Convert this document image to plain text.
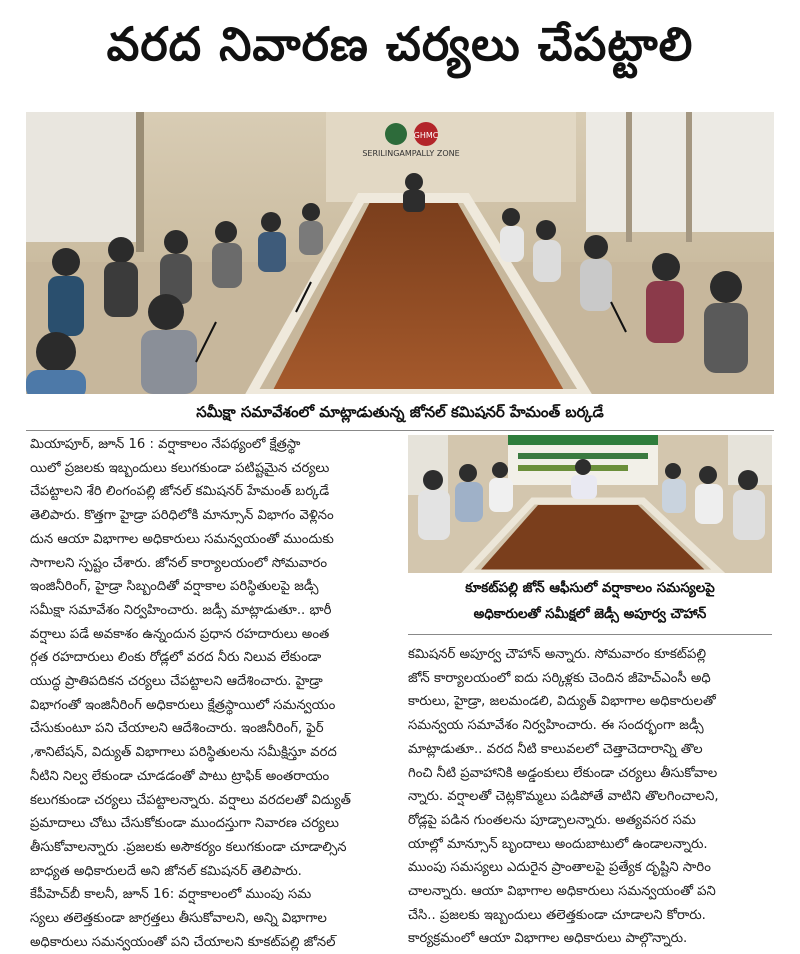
వరద నివారణ చర్యలు చేపట్టాలి
GHMC
SERILINGAMPALLY ZONE
సమీక్షా సమావేశంలో మాట్లాడుతున్న జోనల్ కమిషనర్ హేమంత్ బర్కడే
మియాపూర్, జూన్ 16 : వర్షాకాలం నేపథ్యంలో క్షేత్రస్థా
యిలో ప్రజలకు ఇబ్బందులు కలుగకుండా పటిష్టమైన చర్యలు
చేపట్టాలని శేరి లింగంపల్లి జోనల్ కమిషనర్ హేమంత్ బర్కడే
తెలిపారు. కొత్తగా హైడ్రా పరిధిలోకి మాన్సూన్ విభాగం వెళ్లినం
దున ఆయా విభాగాల అధికారులు సమన్వయంతో ముందుకు
సాగాలని స్పష్టం చేశారు. జోనల్ కార్యాలయంలో సోమవారం
ఇంజినీరింగ్, హైడ్రా సిబ్బందితో వర్షాకాల పరిస్థితులపై జడ్సీ
సమీక్షా సమావేశం నిర్వహించారు. జడ్సీ మాట్లాడుతూ.. భారీ
వర్షాలు పడే అవకాశం ఉన్నందున ప్రధాన రహదారులు అంత
ర్గత రహదారులు లింకు రోడ్లలో వరద నీరు నిలువ లేకుండా
యుద్ధ ప్రాతిపదికన చర్యలు చేపట్టాలని ఆదేశించారు. హైడ్రా
విభాగంతో ఇంజినీరింగ్ అధికారులు క్షేత్రస్థాయిలో సమన్వయం
చేసుకుంటూ పని చేయాలని ఆదేశించారు. ఇంజినీరింగ్, ఫైర్
,శానిటేషన్, విద్యుత్ విభాగాలు పరిస్థితులను సమీక్షిస్తూ వరద
నీటిని నిల్వ లేకుండా చూడడంతో పాటు ట్రాఫిక్ అంతరాయం
కలుగకుండా చర్యలు చేపట్టాలన్నారు. వర్షాలు వరదలతో విద్యుత్
ప్రమాదాలు చోటు చేసుకోకుండా ముందస్తుగా నివారణ చర్యలు
తీసుకోవాలన్నారు .ప్రజలకు అసౌకర్యం కలుగకుండా చూడాల్సిన
బాధ్యత అధికారులదే అని జోనల్ కమిషనర్ తెలిపారు.
కేపీహెచ్‌బీ కాలనీ, జూన్ 16: వర్షాకాలంలో ముంపు సమ
స్యలు తలెత్తకుండా జాగ్రత్తలు తీసుకోవాలని, అన్ని విభాగాల
అధికారులు సమన్వయంతో పని చేయాలని కూకట్‌పల్లి జోనల్
కూకట్‌పల్లి జోన్ ఆఫీసులో వర్షాకాలం సమస్యలపై
అధికారులతో సమీక్షలో జెడ్సీ అపూర్వ చౌహాన్
కమిషనర్ అపూర్వ చౌహాన్ అన్నారు. సోమవారం కూకట్‌పల్లి
జోన్ కార్యాలయంలో ఐదు సర్కిళ్లకు చెందిన జీహెచ్ఎంసీ అధి
కారులు, హైడ్రా, జలమండలి, విద్యుత్ విభాగాల అధికారులతో
సమన్వయ సమావేశం నిర్వహించారు. ఈ సందర్భంగా జడ్సీ
మాట్లాడుతూ.. వరద నీటి కాలువలలో చెత్తాచెదారాన్ని తొల
గించి నీటి ప్రవాహానికి అడ్డంకులు లేకుండా చర్యలు తీసుకోవాల
న్నారు. వర్షాలతో చెట్లకొమ్మలు పడిపోతే వాటిని తొలగించాలని,
రోడ్లపై పడిన గుంతలను పూడ్చాలన్నారు. అత్యవసర సమ
యాల్లో మాన్సూన్ బృందాలు అందుబాటులో ఉండాలన్నారు.
ముంపు సమస్యలు ఎదురైన ప్రాంతాలపై ప్రత్యేక దృష్టిని సారిం
చాలన్నారు. ఆయా విభాగాల అధికారులు సమన్వయంతో పని
చేసి.. ప్రజలకు ఇబ్బందులు తలెత్తకుండా చూడాలని కోరారు.
కార్యక్రమంలో ఆయా విభాగాల అధికారులు పాల్గొన్నారు.
